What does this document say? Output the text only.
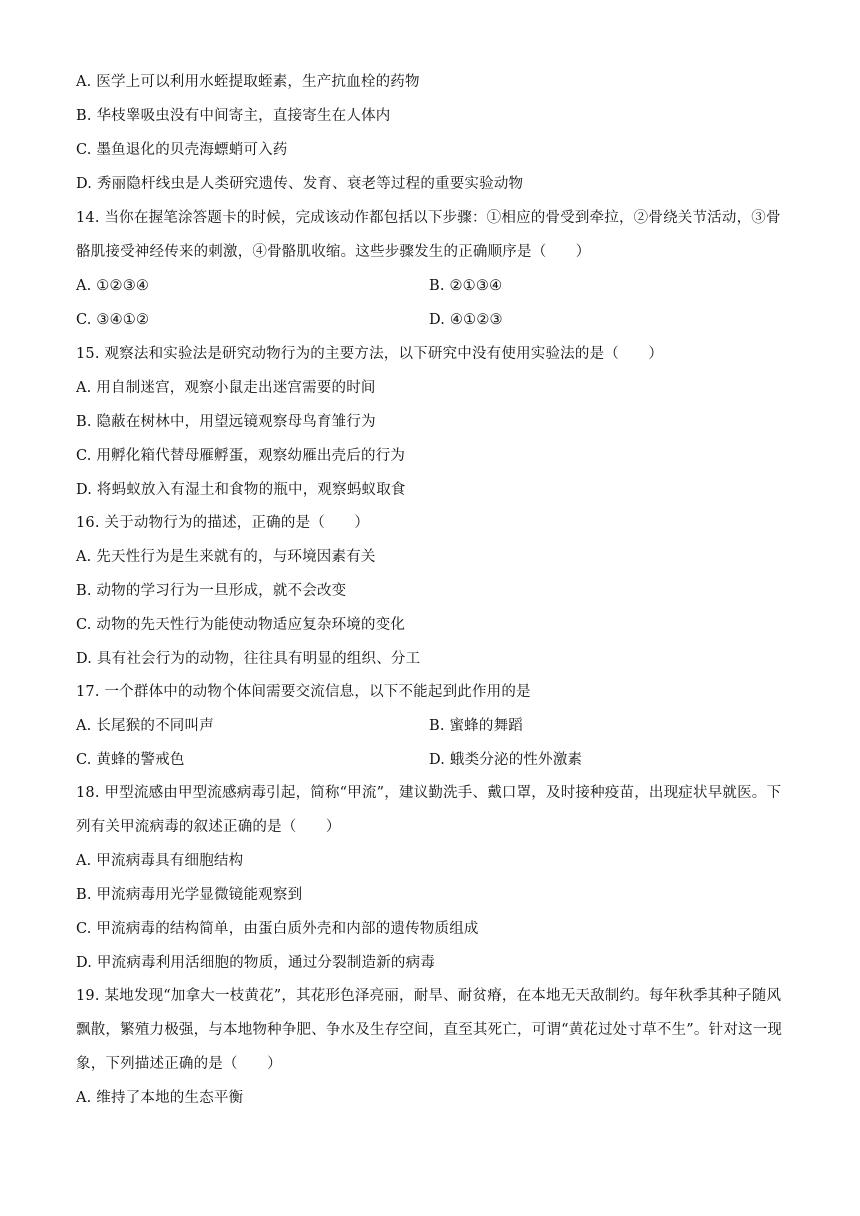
A. 医学上可以利用水蛭提取蛭素，生产抗血栓的药物
B. 华枝睾吸虫没有中间寄主，直接寄生在人体内
C. 墨鱼退化的贝壳海螵蛸可入药
D. 秀丽隐杆线虫是人类研究遗传、发育、衰老等过程的重要实验动物
14. 当你在握笔涂答题卡的时候，完成该动作都包括以下步骤：①相应的骨受到牵拉，②骨绕关节活动，③骨骼肌接受神经传来的刺激，④骨骼肌收缩。这些步骤发生的正确顺序是（　　）
A. ①②③④	B. ②①③④
C. ③④①②	D. ④①②③
15. 观察法和实验法是研究动物行为的主要方法，以下研究中没有使用实验法的是（　　）
A. 用自制迷宫，观察小鼠走出迷宫需要的时间
B. 隐蔽在树林中，用望远镜观察母鸟育雏行为
C. 用孵化箱代替母雁孵蛋，观察幼雁出壳后的行为
D. 将蚂蚁放入有湿土和食物的瓶中，观察蚂蚁取食
16. 关于动物行为的描述，正确的是（　　）
A. 先天性行为是生来就有的，与环境因素有关
B. 动物的学习行为一旦形成，就不会改变
C. 动物的先天性行为能使动物适应复杂环境的变化
D. 具有社会行为的动物，往往具有明显的组织、分工
17. 一个群体中的动物个体间需要交流信息，以下不能起到此作用的是
A. 长尾猴的不同叫声	B. 蜜蜂的舞蹈
C. 黄蜂的警戒色	D. 蛾类分泌的性外激素
18. 甲型流感由甲型流感病毒引起，简称“甲流”，建议勤洗手、戴口罩，及时接种疫苗，出现症状早就医。下列有关甲流病毒的叙述正确的是（　　）
A. 甲流病毒具有细胞结构
B. 甲流病毒用光学显微镜能观察到
C. 甲流病毒的结构简单，由蛋白质外壳和内部的遗传物质组成
D. 甲流病毒利用活细胞的物质，通过分裂制造新的病毒
19. 某地发现“加拿大一枝黄花”，其花形色泽亮丽，耐旱、耐贫瘠，在本地无天敌制约。每年秋季其种子随风飘散，繁殖力极强，与本地物种争肥、争水及生存空间，直至其死亡，可谓“黄花过处寸草不生”。针对这一现象，下列描述正确的是（　　）
A. 维持了本地的生态平衡
